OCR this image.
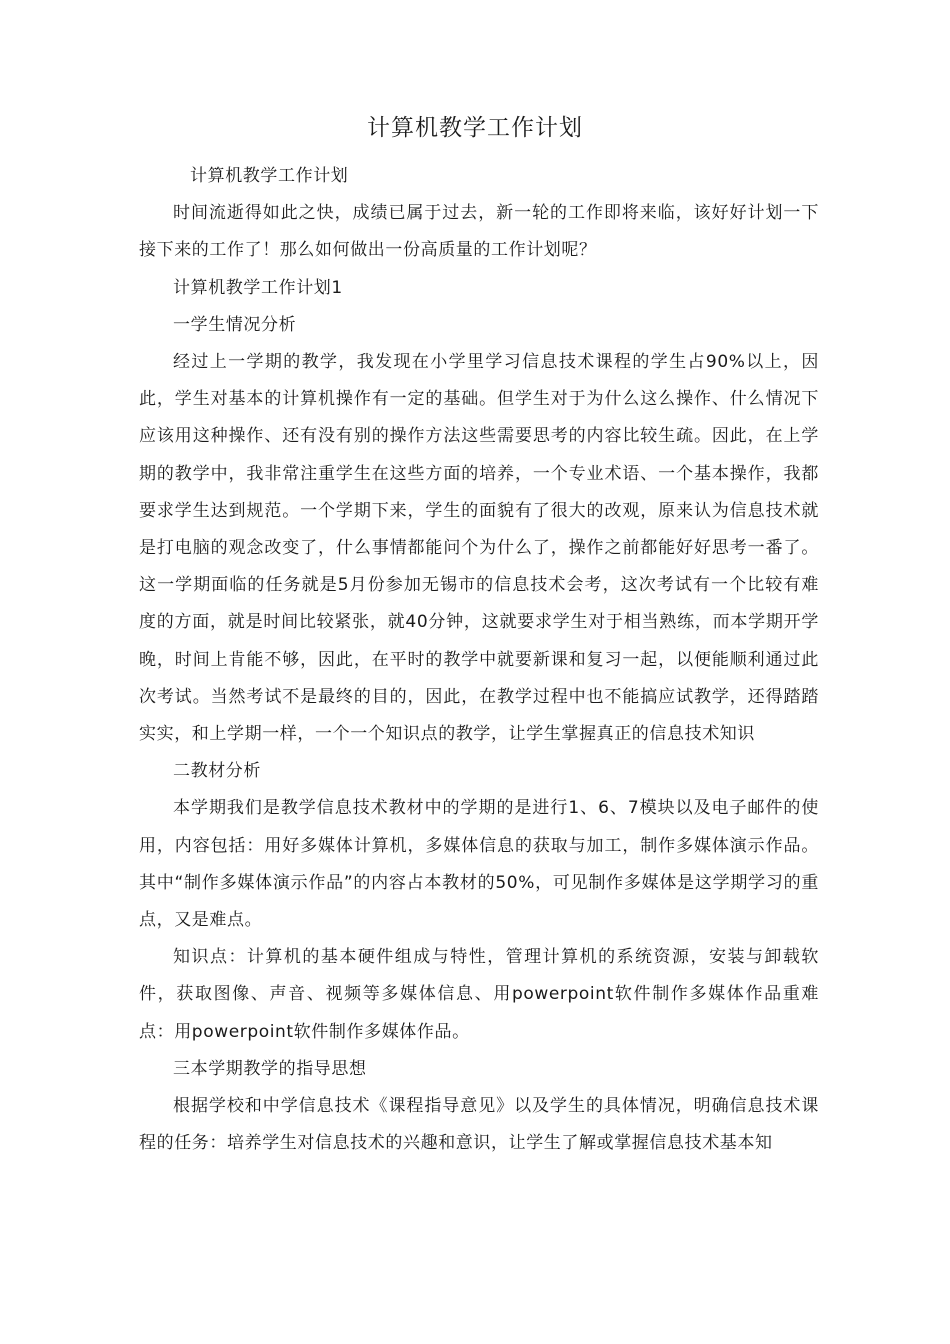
计算机教学工作计划

计算机教学工作计划

时间流逝得如此之快，成绩已属于过去，新一轮的工作即将来临，该好好计划一下接下来的工作了！那么如何做出一份高质量的工作计划呢？

计算机教学工作计划1

一学生情况分析

经过上一学期的教学，我发现在小学里学习信息技术课程的学生占90%以上，因此，学生对基本的计算机操作有一定的基础。但学生对于为什么这么操作、什么情况下应该用这种操作、还有没有别的操作方法这些需要思考的内容比较生疏。因此，在上学期的教学中，我非常注重学生在这些方面的培养，一个专业术语、一个基本操作，我都要求学生达到规范。一个学期下来，学生的面貌有了很大的改观，原来认为信息技术就是打电脑的观念改变了，什么事情都能问个为什么了，操作之前都能好好思考一番了。这一学期面临的任务就是5月份参加无锡市的信息技术会考，这次考试有一个比较有难度的方面，就是时间比较紧张，就40分钟，这就要求学生对于相当熟练，而本学期开学晚，时间上肯能不够，因此，在平时的教学中就要新课和复习一起，以便能顺利通过此次考试。当然考试不是最终的目的，因此，在教学过程中也不能搞应试教学，还得踏踏实实，和上学期一样，一个一个知识点的教学，让学生掌握真正的信息技术知识

二教材分析

本学期我们是教学信息技术教材中的学期的是进行1、6、7模块以及电子邮件的使用，内容包括：用好多媒体计算机，多媒体信息的获取与加工，制作多媒体演示作品。其中“制作多媒体演示作品”的内容占本教材的50%，可见制作多媒体是这学期学习的重点，又是难点。

知识点：计算机的基本硬件组成与特性，管理计算机的系统资源，安装与卸载软件，获取图像、声音、视频等多媒体信息、用powerpoint软件制作多媒体作品重难点：用powerpoint软件制作多媒体作品。

三本学期教学的指导思想

根据学校和中学信息技术《课程指导意见》以及学生的具体情况，明确信息技术课程的任务：培养学生对信息技术的兴趣和意识，让学生了解或掌握信息技术基本知
